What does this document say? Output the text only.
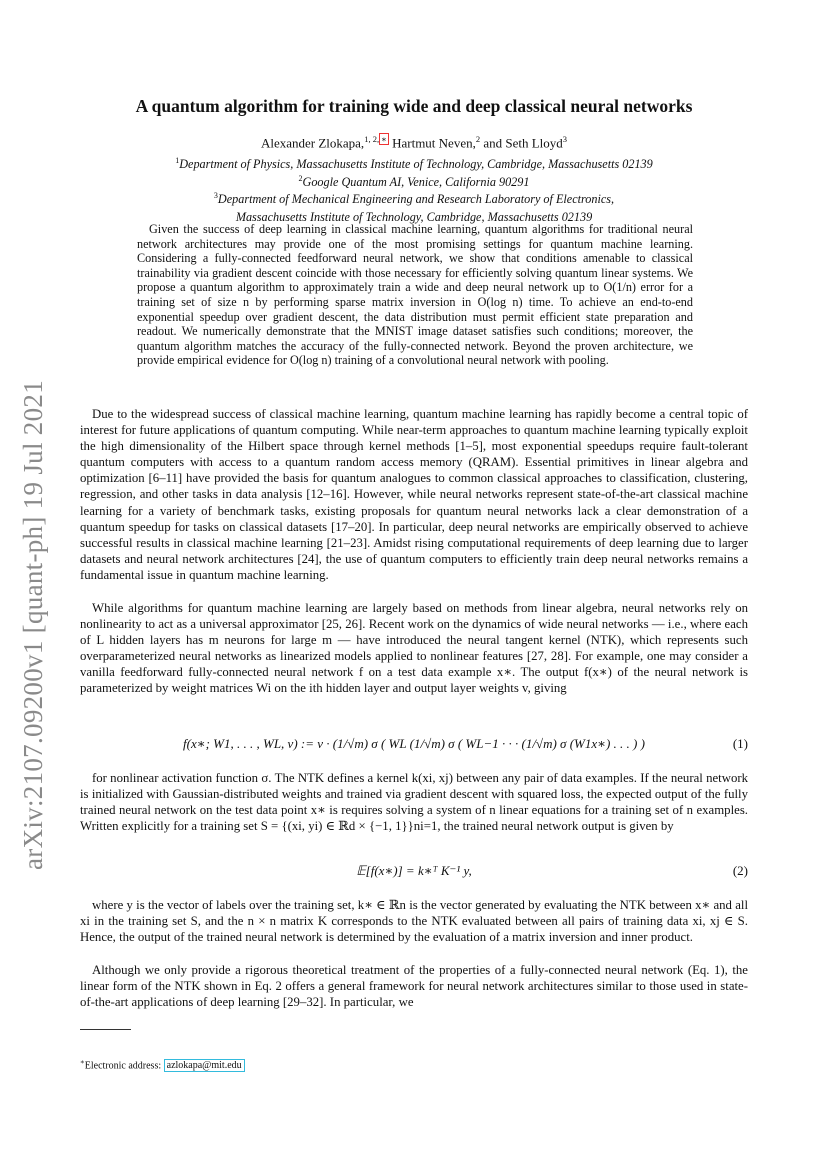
arXiv:2107.09200v1 [quant-ph] 19 Jul 2021
A quantum algorithm for training wide and deep classical neural networks
Alexander Zlokapa,$^{1, 2,}$ ∗ Hartmut Neven,$^2$ and Seth Lloyd$^3$
$^1$Department of Physics, Massachusetts Institute of Technology, Cambridge, Massachusetts 02139
$^2$Google Quantum AI, Venice, California 90291
$^3$Department of Mechanical Engineering and Research Laboratory of Electronics,
Massachusetts Institute of Technology, Cambridge, Massachusetts 02139
Given the success of deep learning in classical machine learning, quantum algorithms for traditional neural network architectures may provide one of the most promising settings for quantum machine learning. Considering a fully-connected feedforward neural network, we show that conditions amenable to classical trainability via gradient descent coincide with those necessary for efficiently solving quantum linear systems. We propose a quantum algorithm to approximately train a wide and deep neural network up to O(1/n) error for a training set of size n by performing sparse matrix inversion in O(log n) time. To achieve an end-to-end exponential speedup over gradient descent, the data distribution must permit efficient state preparation and readout. We numerically demonstrate that the MNIST image dataset satisfies such conditions; moreover, the quantum algorithm matches the accuracy of the fully-connected network. Beyond the proven architecture, we provide empirical evidence for O(log n) training of a convolutional neural network with pooling.

Due to the widespread success of classical machine learning, quantum machine learning has rapidly become a central topic of interest for future applications of quantum computing. While near-term approaches to quantum machine learning typically exploit the high dimensionality of the Hilbert space through kernel methods [1–5], most exponential speedups require fault-tolerant quantum computers with access to a quantum random access memory (QRAM). Essential primitives in linear algebra and optimization [6–11] have provided the basis for quantum analogues to common classical approaches to classification, clustering, regression, and other tasks in data analysis [12–16]. However, while neural networks represent state-of-the-art classical machine learning for a variety of benchmark tasks, existing proposals for quantum neural networks lack a clear demonstration of a quantum speedup for tasks on classical datasets [17–20]. In particular, deep neural networks are empirically observed to achieve successful results in classical machine learning [21–23]. Amidst rising computational requirements of deep learning due to larger datasets and neural network architectures [24], the use of quantum computers to efficiently train deep neural networks remains a fundamental issue in quantum machine learning.

While algorithms for quantum machine learning are largely based on methods from linear algebra, neural networks rely on nonlinearity to act as a universal approximator [25, 26]. Recent work on the dynamics of wide neural networks — i.e., where each of L hidden layers has m neurons for large m — have introduced the neural tangent kernel (NTK), which represents such overparameterized neural networks as linearized models applied to nonlinear features [27, 28]. For example, one may consider a vanilla feedforward fully-connected neural network f on a test data example x∗. The output f(x∗) of the neural network is parameterized by weight matrices Wi on the ith hidden layer and output layer weights v, giving

f(x∗; W1, . . . , WL, v) := v · (1/√m) σ ( WL (1/√m) σ ( WL−1 · · · (1/√m) σ (W1x∗) . . . ) )	(1)

for nonlinear activation function σ. The NTK defines a kernel k(xi, xj) between any pair of data examples. If the neural network is initialized with Gaussian-distributed weights and trained via gradient descent with squared loss, the expected output of the fully trained neural network on the test data point x∗ is requires solving a system of n linear equations for a training set of n examples. Written explicitly for a training set S = {(xi, yi) ∈ ℝd × {−1, 1}}ni=1, the trained neural network output is given by

𝔼[f(x∗)] = k∗ᵀ K⁻¹ y,	(2)

where y is the vector of labels over the training set, k∗ ∈ ℝn is the vector generated by evaluating the NTK between x∗ and all xi in the training set S, and the n × n matrix K corresponds to the NTK evaluated between all pairs of training data xi, xj ∈ S. Hence, the output of the trained neural network is determined by the evaluation of a matrix inversion and inner product.

Although we only provide a rigorous theoretical treatment of the properties of a fully-connected neural network (Eq. 1), the linear form of the NTK shown in Eq. 2 offers a general framework for neural network architectures similar to those used in state-of-the-art applications of deep learning [29–32]. In particular, we

∗Electronic address: azlokapa@mit.edu
